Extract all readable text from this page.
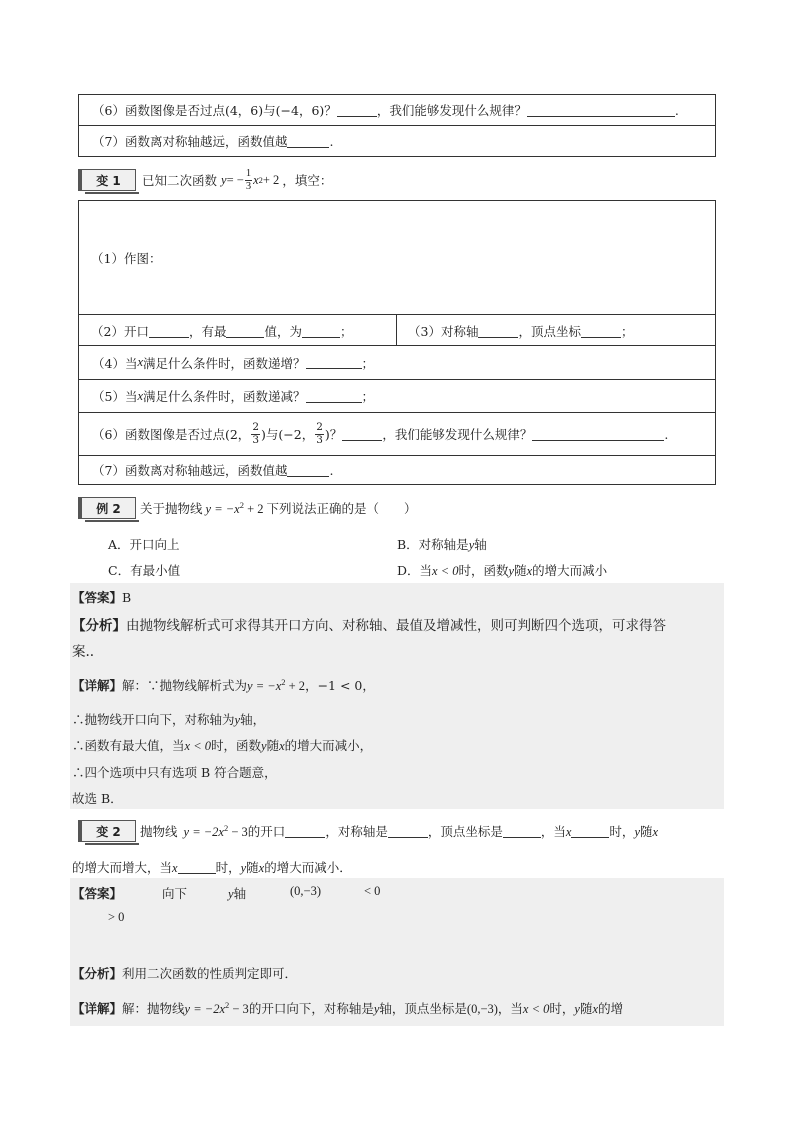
（6）函数图像是否过点 (4，6) 与 (−4，6) ？	，我们能够发现什么规律？	.
（7）函数离对称轴越远，函数值越	.
变 1 已知二次函数 y = − $\frac{1}{3}$ x 2 + 2 ，填空：
（1）作图：
（2）开口	，有最	值，为	；	（3）对称轴	，顶点坐标	；
（4）当 x 满足什么条件时，函数递增？	；
（5）当 x 满足什么条件时，函数递减？	；
（6）函数图像是否过点 (2， $\frac{2}{3}$ ) 与 (−2， $\frac{2}{3}$ ) ？	，我们能够发现什么规律？	.
（7）函数离对称轴越远，函数值越	.
例 2 关于抛物线 $y = -x^2 + 2$ 下列说法正确的是（　　）
A．开口向上	B．对称轴是y轴
C．有最小值	D．当x < 0时，函数y随x的增大而减小
【答案】B
【分析】由抛物线解析式可求得其开口方向、对称轴、最值及增减性，则可判断四个选项，可求得答
案..
【详解】解：∵抛物线解析式为$y = -x^2 + 2$，−1 < 0，
∴抛物线开口向下，对称轴为y轴，
∴函数有最大值，当x < 0时，函数y随x的增大而减小，
∴四个选项中只有选项 B 符合题意，
故选 B．
变 2 抛物线 $y = -2x^2 - 3$的开口	，对称轴是	，顶点坐标是	，当x	时，y随x
的增大而增大，当x	时，y随x的增大而减小．
【答案】	向下	y轴	(0,−3)	< 0
> 0
【分析】利用二次函数的性质判定即可．
【详解】解：抛物线$y = -2x^2 - 3$的开口向下，对称轴是y轴，顶点坐标是(0,−3)，当x < 0时，y随x的增
